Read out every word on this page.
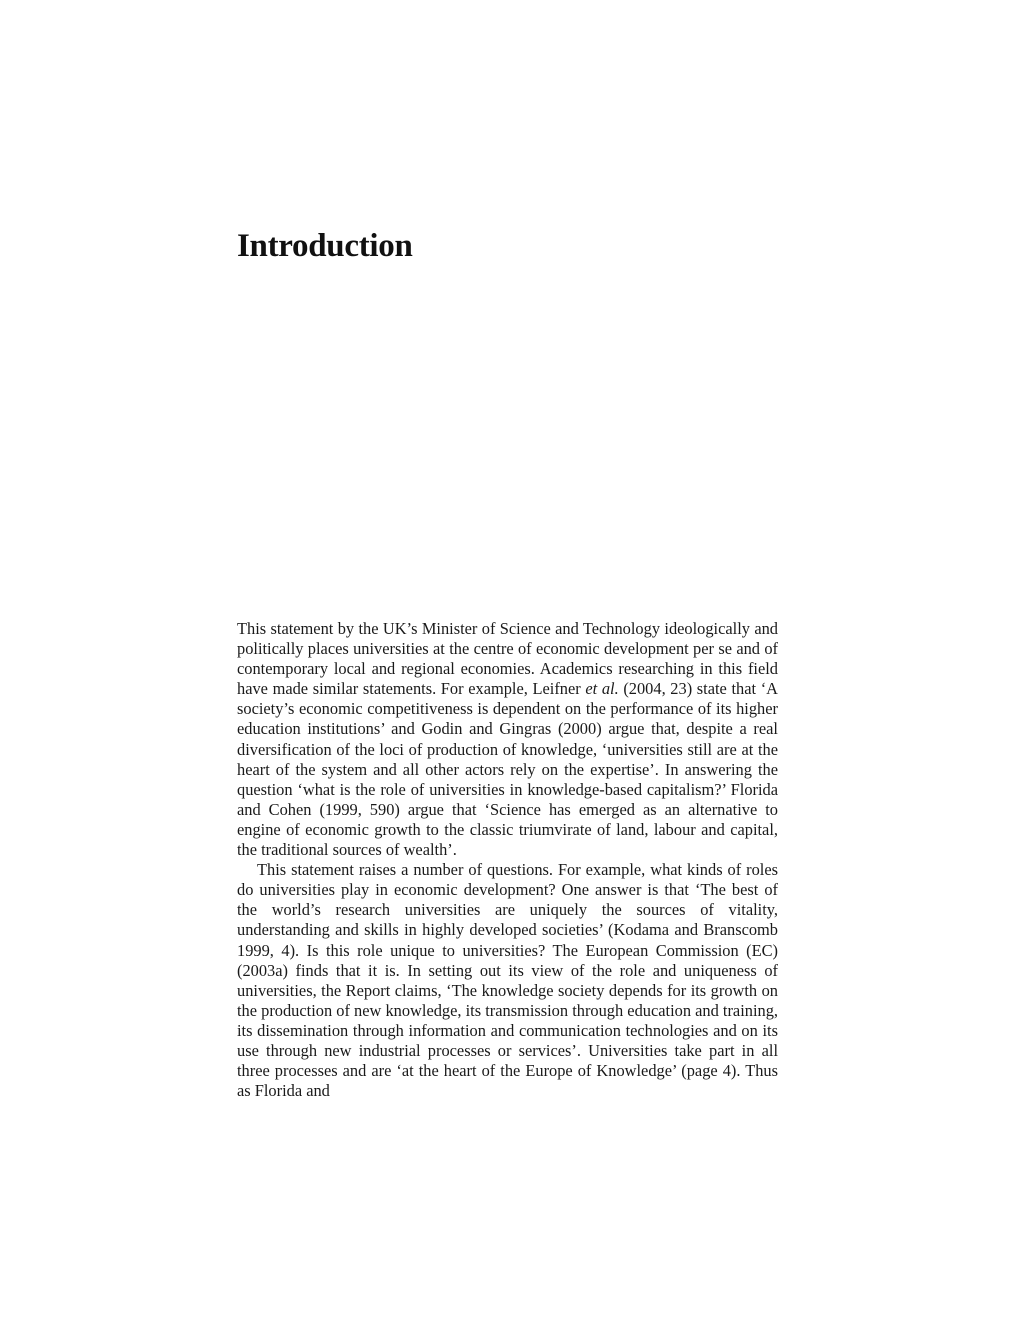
Introduction

This statement by the UK’s Minister of Science and Technology ideologically and politically places universities at the centre of economic development per se and of contemporary local and regional economies. Academics researching in this field have made similar statements. For example, Leifner et al. (2004, 23) state that ‘A society’s economic competitiveness is dependent on the performance of its higher education institutions’ and Godin and Gingras (2000) argue that, despite a real diversification of the loci of production of knowledge, ‘universities still are at the heart of the system and all other actors rely on the expertise’. In answering the question ‘what is the role of universities in knowledge-based capitalism?’ Florida and Cohen (1999, 590) argue that ‘Science has emerged as an alternative to engine of economic growth to the classic triumvirate of land, labour and capital, the traditional sources of wealth’.

This statement raises a number of questions. For example, what kinds of roles do universities play in economic development? One answer is that ‘The best of the world’s research universities are uniquely the sources of vitality, understanding and skills in highly developed societies’ (Kodama and Branscomb 1999, 4). Is this role unique to universities? The European Commission (EC) (2003a) finds that it is. In setting out its view of the role and uniqueness of universities, the Report claims, ‘The knowledge society depends for its growth on the production of new knowledge, its transmission through education and training, its dissemination through information and communication technologies and on its use through new industrial processes or services’. Universities take part in all three processes and are ‘at the heart of the Europe of Knowledge’ (page 4). Thus as Florida and
